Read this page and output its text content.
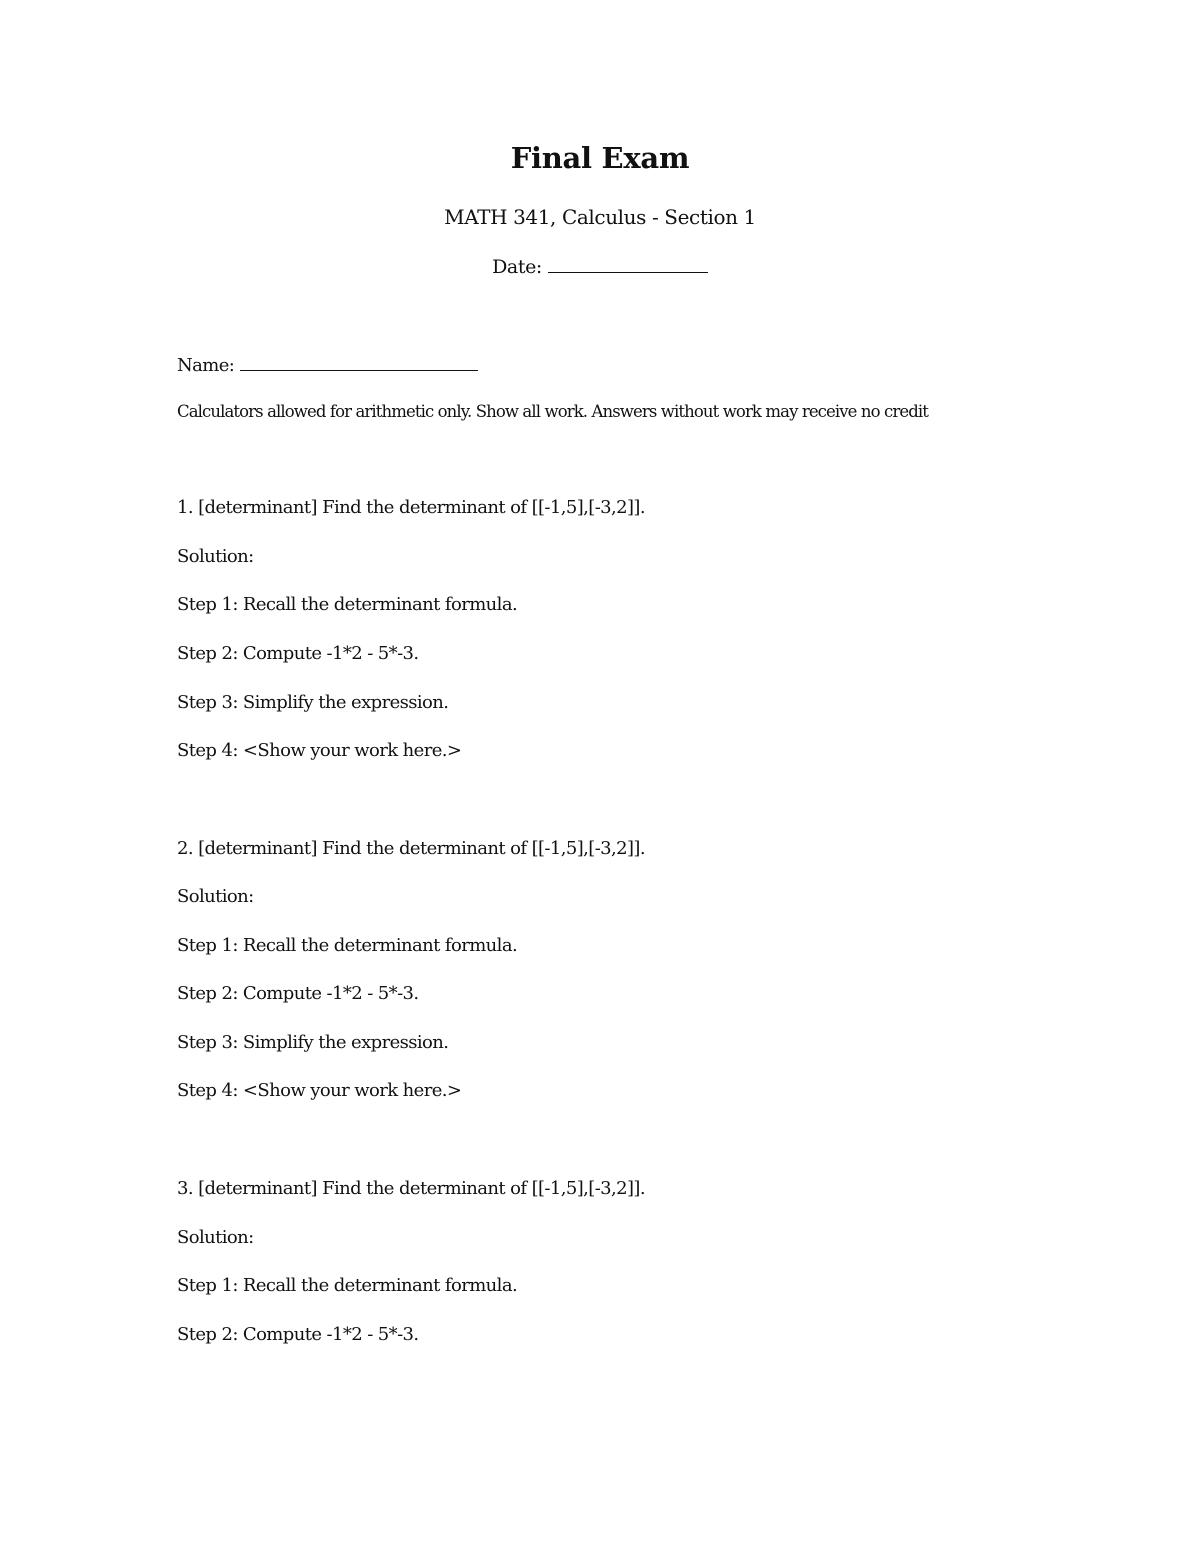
Final Exam
MATH 341, Calculus - Section 1
Date:
Name:
Calculators allowed for arithmetic only. Show all work. Answers without work may receive no credit
1. [determinant] Find the determinant of [[-1,5],[-3,2]].
Solution:
Step 1: Recall the determinant formula.
Step 2: Compute -1*2 - 5*-3.
Step 3: Simplify the expression.
Step 4: <Show your work here.>
2. [determinant] Find the determinant of [[-1,5],[-3,2]].
Solution:
Step 1: Recall the determinant formula.
Step 2: Compute -1*2 - 5*-3.
Step 3: Simplify the expression.
Step 4: <Show your work here.>
3. [determinant] Find the determinant of [[-1,5],[-3,2]].
Solution:
Step 1: Recall the determinant formula.
Step 2: Compute -1*2 - 5*-3.
